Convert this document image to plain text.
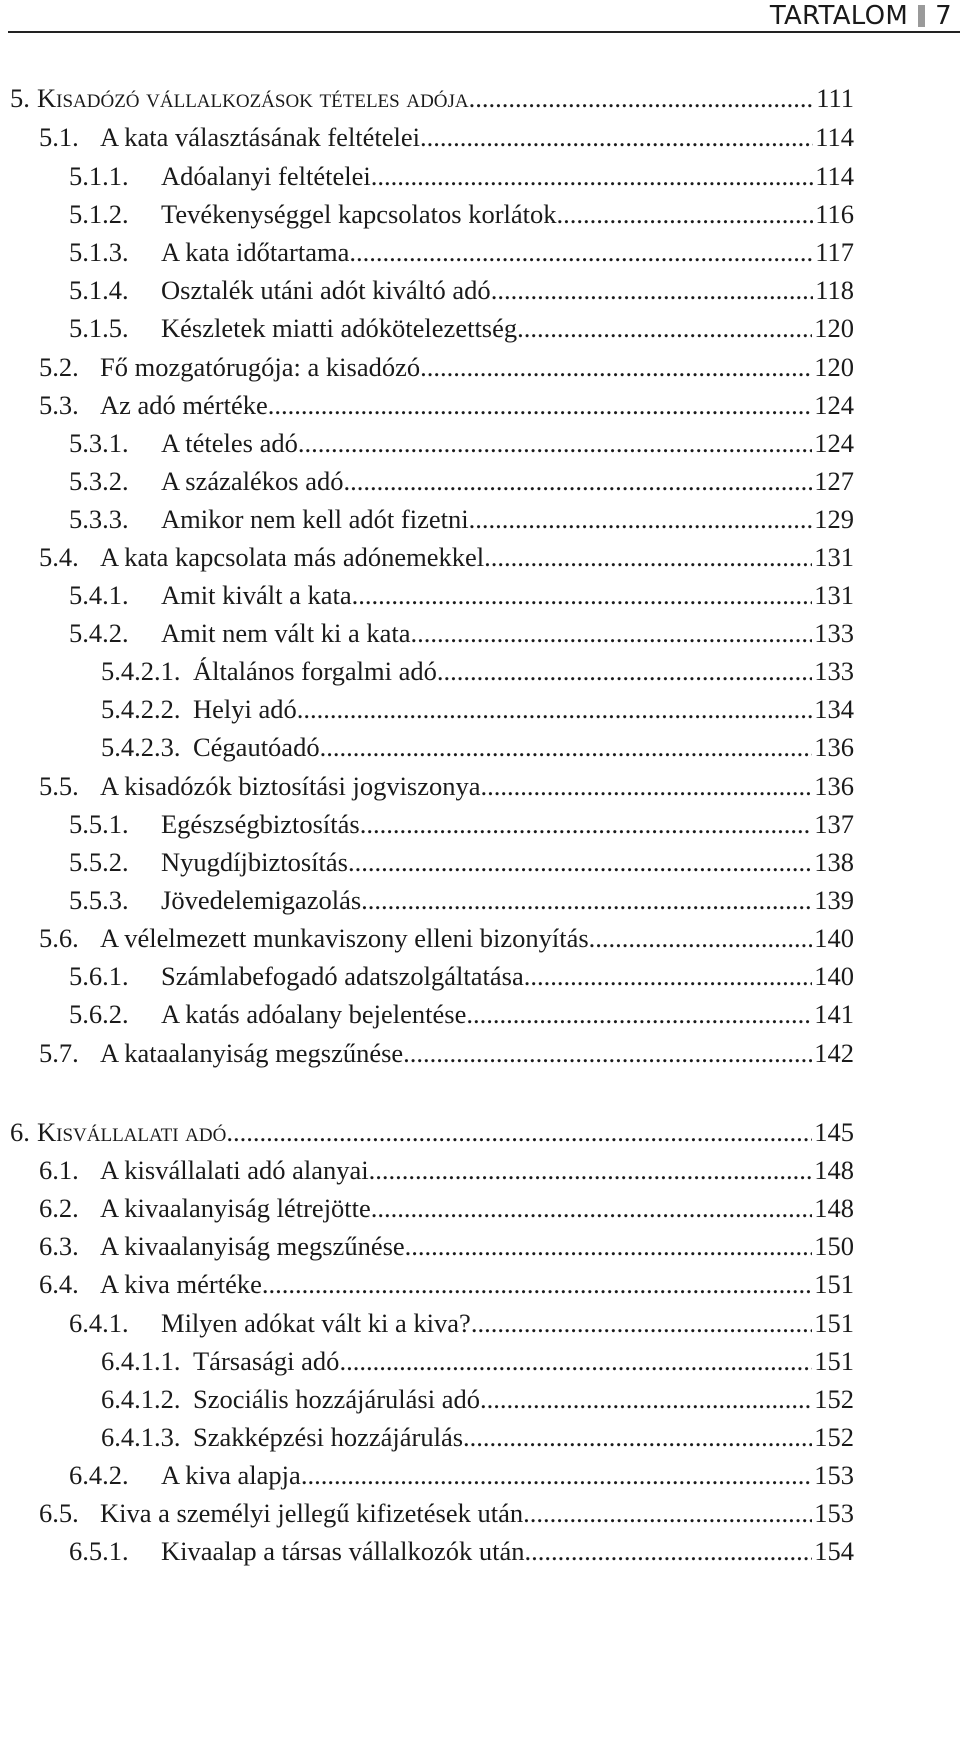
TARTALOM 7
5. Kisadózó vállalkozások tételes adója .....	111
5.1. A kata választásának feltételei .....	114
5.1.1.	Adóalanyi feltételei .....	114
5.1.2.	Tevékenységgel kapcsolatos korlátok .....	116
5.1.3.	A kata időtartama .....	117
5.1.4.	Osztalék utáni adót kiváltó adó .....	118
5.1.5.	Készletek miatti adókötelezettség .....	120
5.2. Fő mozgatórugója: a kisadózó .....	120
5.3. Az adó mértéke .....	124
5.3.1.	A tételes adó .....	124
5.3.2.	A százalékos adó .....	127
5.3.3.	Amikor nem kell adót fizetni .....	129
5.4. A kata kapcsolata más adónemekkel .....	131
5.4.1.	Amit kivált a kata .....	131
5.4.2.	Amit nem vált ki a kata .....	133
5.4.2.1. Általános forgalmi adó .....	133
5.4.2.2. Helyi adó .....	134
5.4.2.3. Cégautóadó .....	136
5.5. A kisadózók biztosítási jogviszonya .....	136
5.5.1.	Egészségbiztosítás .....	137
5.5.2.	Nyugdíjbiztosítás .....	138
5.5.3.	Jövedelemigazolás .....	139
5.6. A vélelmezett munkaviszony elleni bizonyítás .....	140
5.6.1.	Számlabefogadó adatszolgáltatása .....	140
5.6.2.	A katás adóalany bejelentése .....	141
5.7. A kataalanyiság megszűnése .....	142
6. Kisvállalati adó .....	145
6.1. A kisvállalati adó alanyai .....	148
6.2. A kivaalanyiság létrejötte .....	148
6.3. A kivaalanyiság megszűnése .....	150
6.4. A kiva mértéke .....	151
6.4.1.	Milyen adókat vált ki a kiva? .....	151
6.4.1.1. Társasági adó .....	151
6.4.1.2. Szociális hozzájárulási adó .....	152
6.4.1.3. Szakképzési hozzájárulás .....	152
6.4.2.	A kiva alapja .....	153
6.5. Kiva a személyi jellegű kifizetések után .....	153
6.5.1.	Kivaalap a társas vállalkozók után .....	154
